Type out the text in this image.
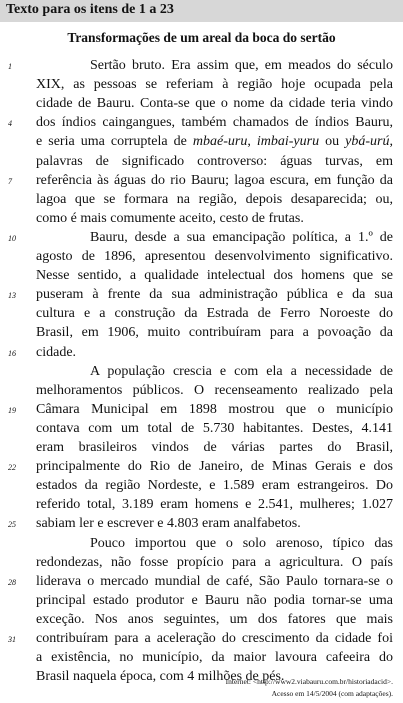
Texto para os itens de 1 a 23
Transformações de um areal da boca do sertão
Sertão bruto. Era assim que, em meados do século
XIX, as pessoas se referiam à região hoje ocupada pela
cidade de Bauru. Conta-se que o nome da cidade teria vindo
dos índios caingangues, também chamados de índios Bauru,
e seria uma corruptela de mbaé-uru, imbai-yuru ou ybá-urú,
palavras de significado controverso: águas turvas, em
referência às águas do rio Bauru; lagoa escura, em função da
lagoa que se formara na região, depois desaparecida; ou,
como é mais comumente aceito, cesto de frutas.
Bauru, desde a sua emancipação política, a 1.º de
agosto de 1896, apresentou desenvolvimento significativo.
Nesse sentido, a qualidade intelectual dos homens que se
puseram à frente da sua administração pública e da sua
cultura e a construção da Estrada de Ferro Noroeste do
Brasil, em 1906, muito contribuíram para a povoação da
cidade.
A população crescia e com ela a necessidade de
melhoramentos públicos. O recenseamento realizado pela
Câmara Municipal em 1898 mostrou que o município
contava com um total de 5.730 habitantes. Destes, 4.141
eram brasileiros vindos de várias partes do Brasil,
principalmente do Rio de Janeiro, de Minas Gerais e dos
estados da região Nordeste, e 1.589 eram estrangeiros. Do
referido total, 3.189 eram homens e 2.541, mulheres; 1.027
sabiam ler e escrever e 4.803 eram analfabetos.
Pouco importou que o solo arenoso, típico das
redondezas, não fosse propício para a agricultura. O país
liderava o mercado mundial de café, São Paulo tornara-se o
principal estado produtor e Bauru não podia tornar-se uma
exceção. Nos anos seguintes, um dos fatores que mais
contribuíram para a aceleração do crescimento da cidade foi
a existência, no município, da maior lavoura cafeeira do
Brasil naquela época, com 4 milhões de pés.
1
4
7
10
13
16
19
22
25
28
31
Internet: <http://www2.viabauru.com.br/historiadacid>.
Acesso em 14/5/2004 (com adaptações).
